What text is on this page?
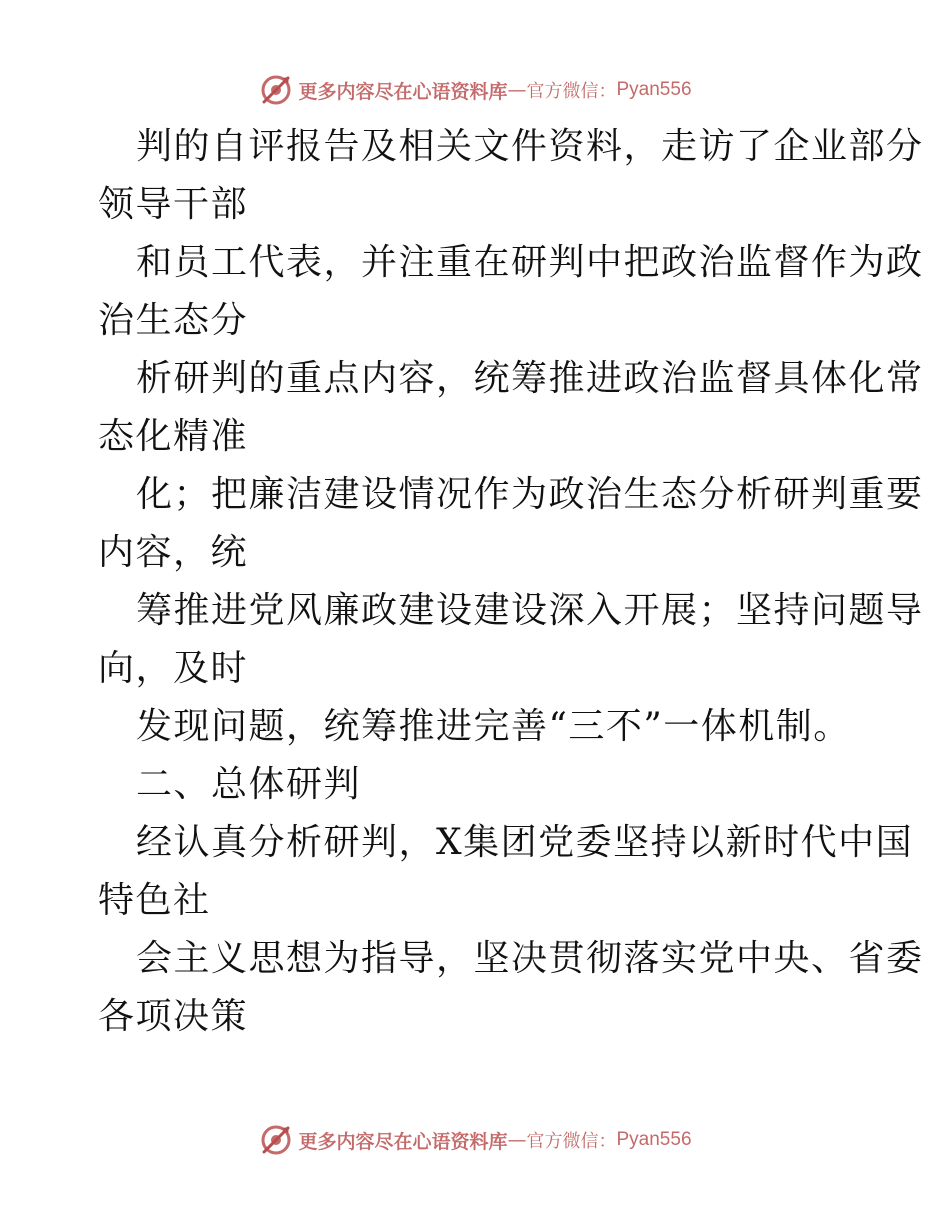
更多内容尽在心语资料库 — 官方微信： Pyan556
判的自评报告及相关文件资料，走访了企业部分
领导干部
和员工代表，并注重在研判中把政治监督作为政
治生态分
析研判的重点内容，统筹推进政治监督具体化常
态化精准
化；把廉洁建设情况作为政治生态分析研判重要
内容，统
筹推进党风廉政建设建设深入开展；坚持问题导
向，及时
发现问题，统筹推进完善“三不”一体机制。
二、总体研判
经认真分析研判，X集团党委坚持以新时代中国
特色社
会主义思想为指导，坚决贯彻落实党中央、省委
各项决策
更多内容尽在心语资料库 — 官方微信： Pyan556
